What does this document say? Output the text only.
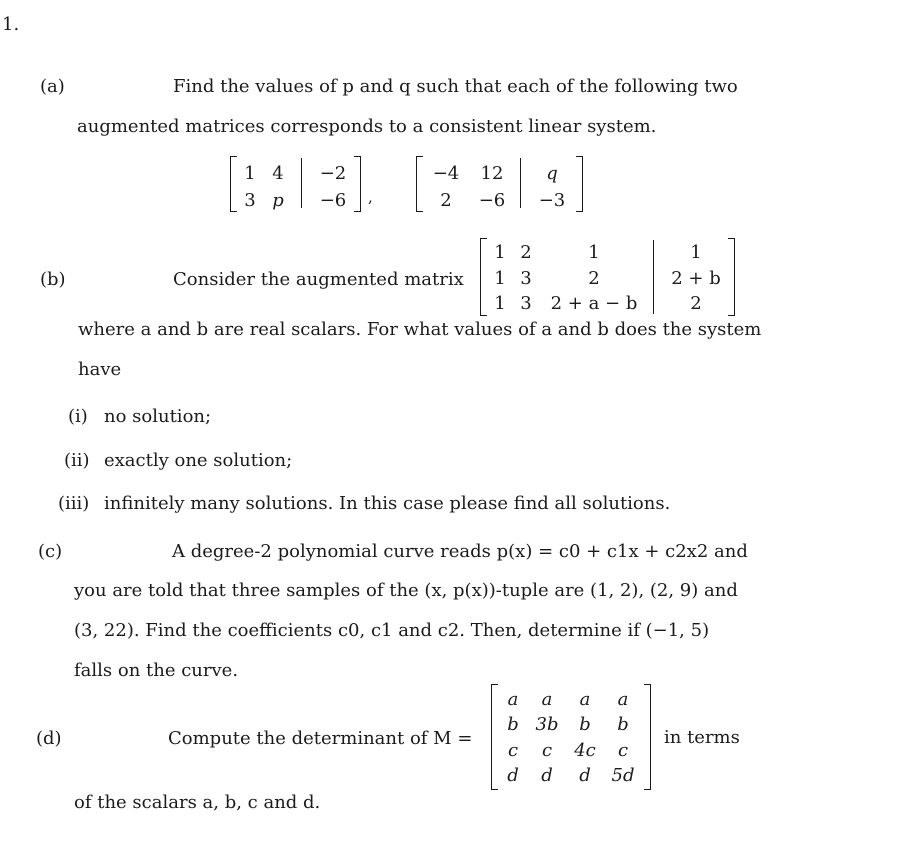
1.
(a)	Find the values of p and q such that each of the following two
augmented matrices corresponds to a consistent linear system.
1 4 −2
3 p −6 ,
−4	12	q
2	−6	−3
(b)	Consider the augmented matrix
1 2	1	1
1 3	2	2 + b
1 3	2 + a − b	2
where a and b are real scalars. For what values of a and b does the system
have
(i) no solution;
(ii) exactly one solution;
(iii) infinitely many solutions. In this case please find all solutions.
(c)	A degree-2 polynomial curve reads p(x) = c0 + c1x + c2x2 and
you are told that three samples of the (x, p(x))-tuple are (1, 2), (2, 9) and
(3, 22). Find the coefficients c0, c1 and c2. Then, determine if (−1, 5)
falls on the curve.
(d)	Compute the determinant of M =
a	a	a	a
b 3b	b	b
c	c	4c	c
d	d	d	5d
in terms
of the scalars a, b, c and d.
